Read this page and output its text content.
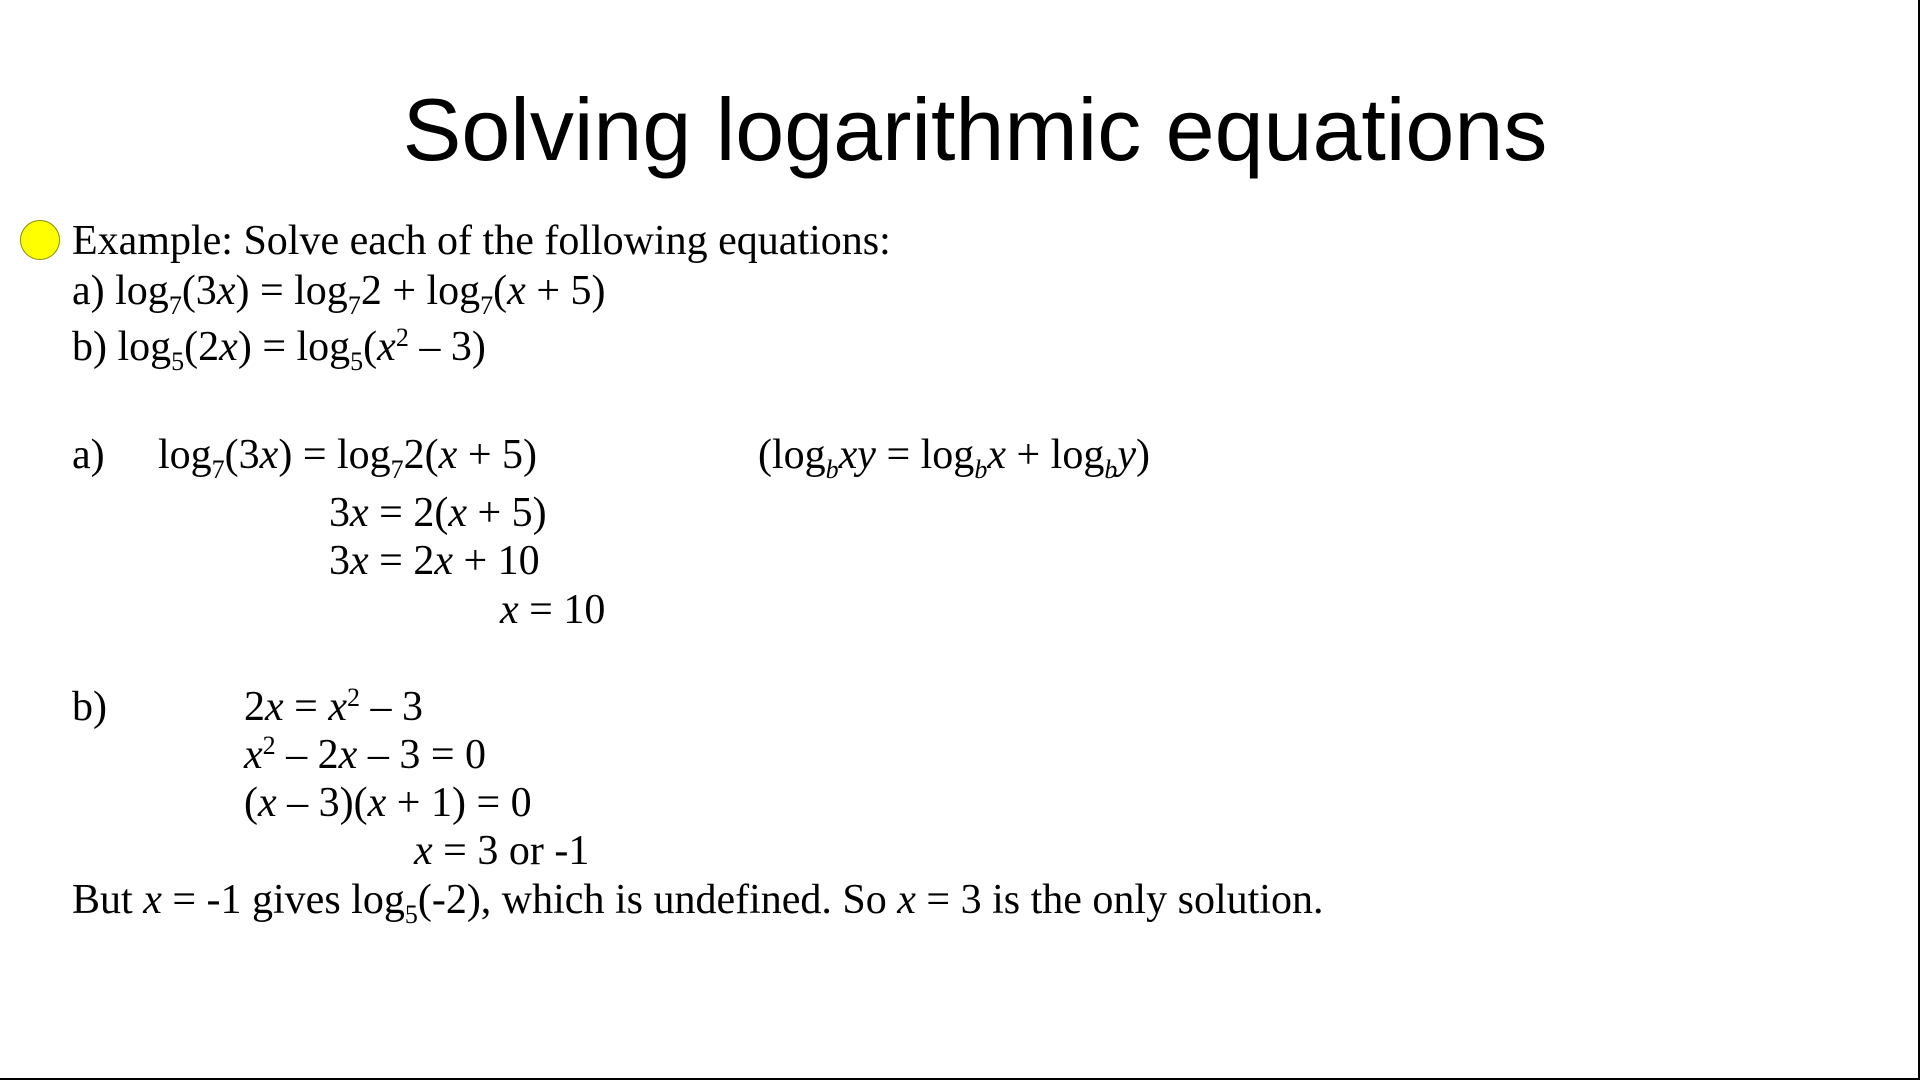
Solving logarithmic equations
Example: Solve each of the following equations:
a) $\log_7(3x) = \log_72 + \log_7(x + 5)$
b) $\log_5(2x) = \log_5(x^2 - 3)$
a) $\log_7(3x) = \log_72(x + 5)$	$(\log_bxy = \log_bx + \log_by)$
3x = 2(x + 5)
3x = 2x + 10
x = 10
b)	$2x = x^2 - 3$
$x^2 - 2x - 3 = 0$
(x – 3)(x + 1) = 0
x = 3 or -1
But x = -1 gives $\log_5(-2)$, which is undefined. So x = 3 is the only solution.
